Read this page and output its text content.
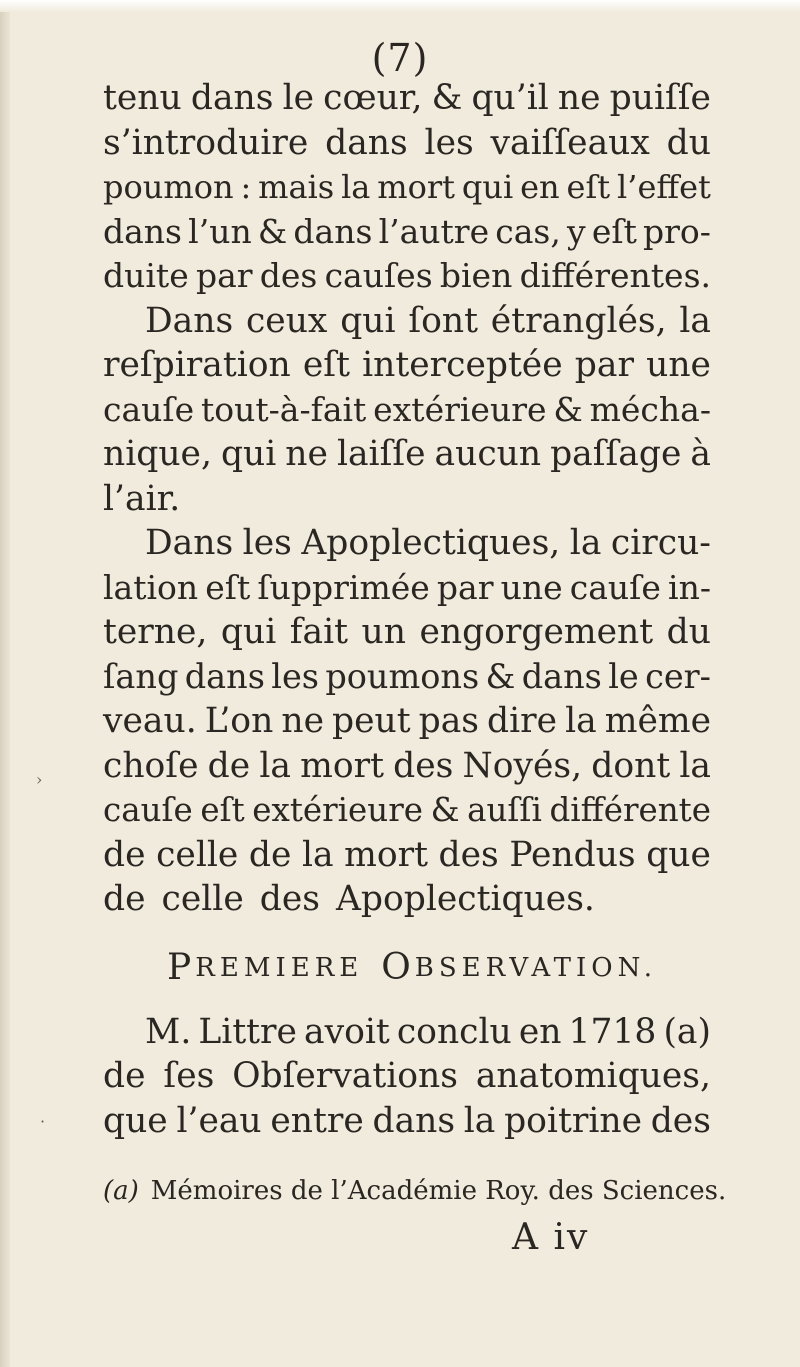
(7)
tenu dans le cœur, & qu’il ne puiſſe
s’introduire dans les vaiſſeaux du
poumon : mais la mort qui en eſt l’effet
dans l’un & dans l’autre cas, y eſt pro-
duite par des cauſes bien différentes.
Dans ceux qui ſont étranglés, la
reſpiration eſt interceptée par une
cauſe tout-à-fait extérieure & mécha-
nique, qui ne laiſſe aucun paſſage à
l’air.
Dans les Apoplectiques, la circu-
lation eſt ſupprimée par une cauſe in-
terne, qui fait un engorgement du
ſang dans les poumons & dans le cer-
veau. L’on ne peut pas dire la même
choſe de la mort des Noyés, dont la
cauſe eſt extérieure & auſſi différente
de celle de la mort des Pendus que
de celle des Apoplectiques.
P REMIERE O BSERVATION.
M. Littre avoit conclu en 1718 (a)
de ſes Obſervations anatomiques,
que l’eau entre dans la poitrine des
(a) Mémoires de l’Académie Roy. des Sciences.
A iv
›
·
